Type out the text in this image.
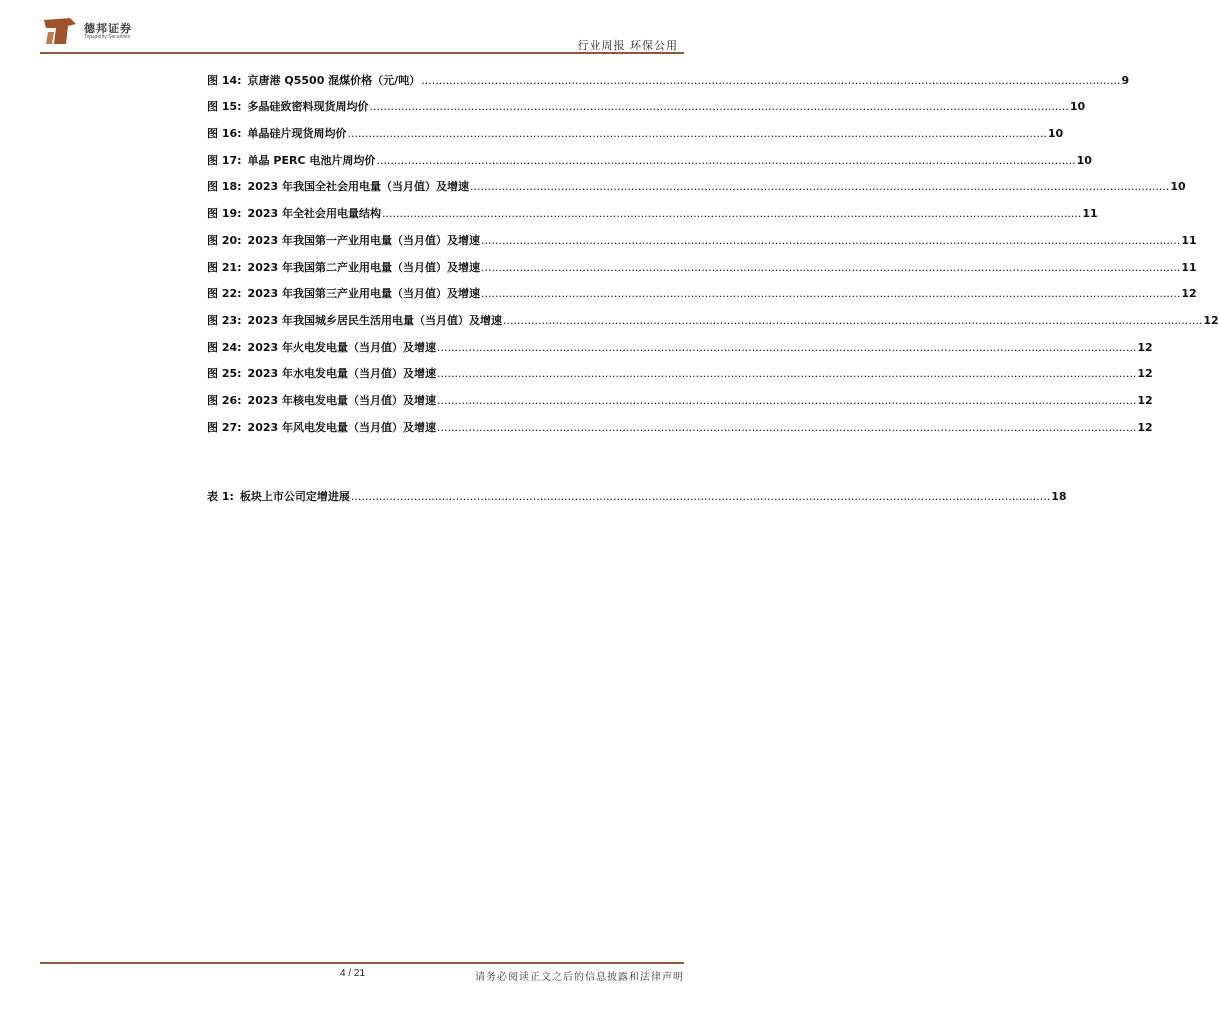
德邦证券
Topsperity Securities
行业周报 环保公用
图 14: 京唐港 Q5500 混煤价格（元/吨） ........................................................................................................................................................................................................ 9
图 15: 多晶硅致密料现货周均价 ........................................................................................................................................................................................................ 10
图 16: 单晶硅片现货周均价 ........................................................................................................................................................................................................ 10
图 17: 单晶 PERC 电池片周均价 ........................................................................................................................................................................................................ 10
图 18: 2023 年我国全社会用电量（当月值）及增速 ........................................................................................................................................................................................................ 10
图 19: 2023 年全社会用电量结构 ........................................................................................................................................................................................................ 11
图 20: 2023 年我国第一产业用电量（当月值）及增速 ........................................................................................................................................................................................................ 11
图 21: 2023 年我国第二产业用电量（当月值）及增速 ........................................................................................................................................................................................................ 11
图 22: 2023 年我国第三产业用电量（当月值）及增速 ........................................................................................................................................................................................................ 12
图 23: 2023 年我国城乡居民生活用电量（当月值）及增速 ........................................................................................................................................................................................................ 12
图 24: 2023 年火电发电量（当月值）及增速 ........................................................................................................................................................................................................ 12
图 25: 2023 年水电发电量（当月值）及增速 ........................................................................................................................................................................................................ 12
图 26: 2023 年核电发电量（当月值）及增速 ........................................................................................................................................................................................................ 12
图 27: 2023 年风电发电量（当月值）及增速 ........................................................................................................................................................................................................ 12
表 1: 板块上市公司定增进展 ........................................................................................................................................................................................................ 18
4 / 21	请务必阅读正文之后的信息披露和法律声明
